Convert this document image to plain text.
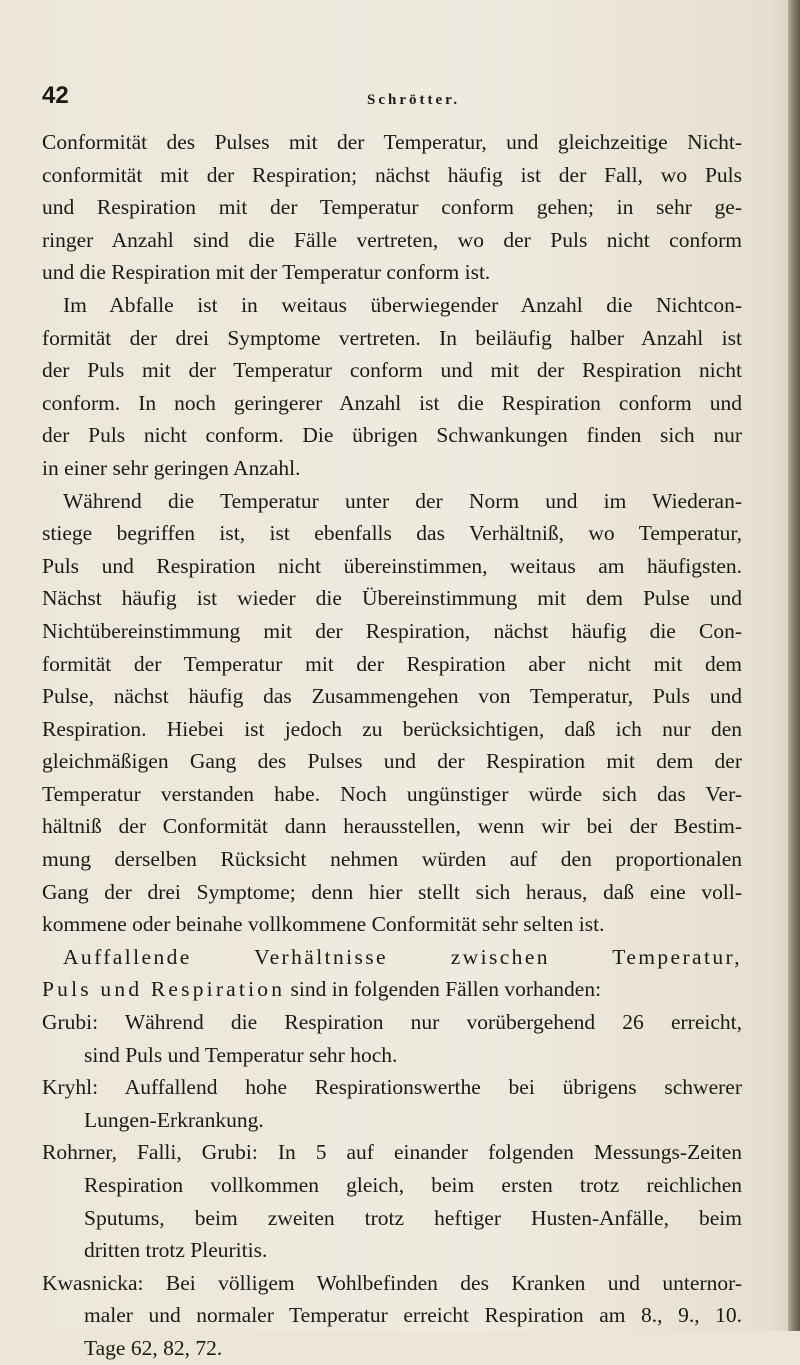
42	Schrötter.

Conformität des Pulses mit der Temperatur, und gleichzeitige Nicht-
conformität mit der Respiration; nächst häufig ist der Fall, wo Puls
und Respiration mit der Temperatur conform gehen; in sehr ge-
ringer Anzahl sind die Fälle vertreten, wo der Puls nicht conform
und die Respiration mit der Temperatur conform ist.

Im Abfalle ist in weitaus überwiegender Anzahl die Nichtcon-
formität der drei Symptome vertreten. In beiläufig halber Anzahl ist
der Puls mit der Temperatur conform und mit der Respiration nicht
conform. In noch geringerer Anzahl ist die Respiration conform und
der Puls nicht conform. Die übrigen Schwankungen finden sich nur
in einer sehr geringen Anzahl.

Während die Temperatur unter der Norm und im Wiederan-
stiege begriffen ist, ist ebenfalls das Verhältniß, wo Temperatur,
Puls und Respiration nicht übereinstimmen, weitaus am häufigsten.
Nächst häufig ist wieder die Übereinstimmung mit dem Pulse und
Nichtübereinstimmung mit der Respiration, nächst häufig die Con-
formität der Temperatur mit der Respiration aber nicht mit dem
Pulse, nächst häufig das Zusammengehen von Temperatur, Puls und
Respiration. Hiebei ist jedoch zu berücksichtigen, daß ich nur den
gleichmäßigen Gang des Pulses und der Respiration mit dem der
Temperatur verstanden habe. Noch ungünstiger würde sich das Ver-
hältniß der Conformität dann herausstellen, wenn wir bei der Bestim-
mung derselben Rücksicht nehmen würden auf den proportionalen
Gang der drei Symptome; denn hier stellt sich heraus, daß eine voll-
kommene oder beinahe vollkommene Conformität sehr selten ist.

Auffallende Verhältnisse zwischen Temperatur,
Puls und Respiration sind in folgenden Fällen vorhanden:

Grubi: Während die Respiration nur vorübergehend 26 erreicht,
sind Puls und Temperatur sehr hoch.

Kryhl: Auffallend hohe Respirationswerthe bei übrigens schwerer
Lungen-Erkrankung.

Rohrner, Falli, Grubi: In 5 auf einander folgenden Messungs-Zeiten
Respiration vollkommen gleich, beim ersten trotz reichlichen
Sputums, beim zweiten trotz heftiger Husten-Anfälle, beim
dritten trotz Pleuritis.

Kwasnicka: Bei völligem Wohlbefinden des Kranken und unternor-
maler und normaler Temperatur erreicht Respiration am 8., 9., 10.
Tage 62, 82, 72.
